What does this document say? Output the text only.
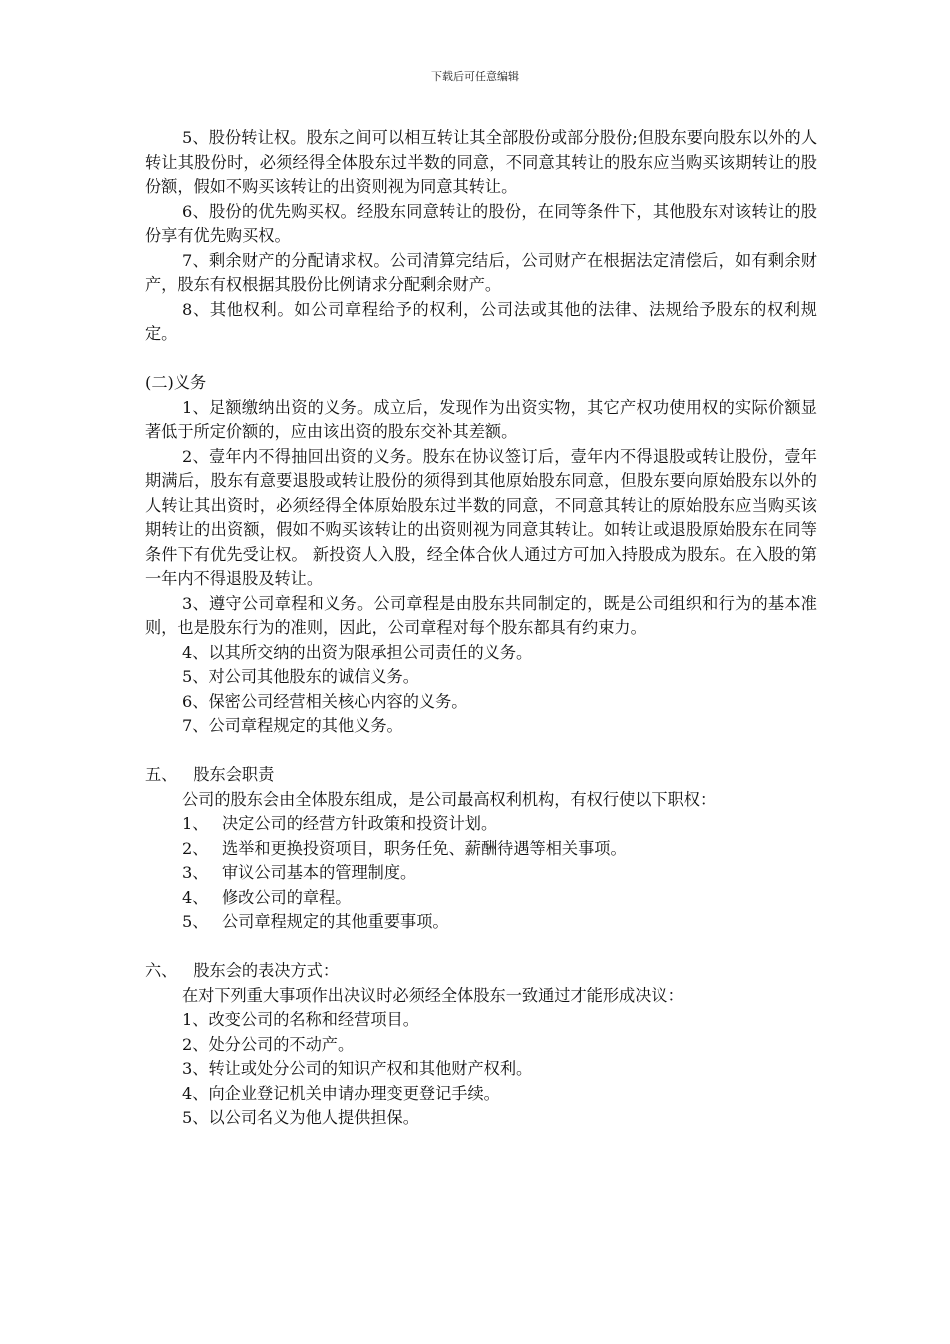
下载后可任意编辑

5、股份转让权。股东之间可以相互转让其全部股份或部分股份;但股东要向股东以外的人转让其股份时，必须经得全体股东过半数的同意，不同意其转让的股东应当购买该期转让的股份额，假如不购买该转让的出资则视为同意其转让。

6、股份的优先购买权。经股东同意转让的股份，在同等条件下，其他股东对该转让的股份享有优先购买权。

7、剩余财产的分配请求权。公司清算完结后，公司财产在根据法定清偿后，如有剩余财产，股东有权根据其股份比例请求分配剩余财产。

8、其他权利。如公司章程给予的权利，公司法或其他的法律、法规给予股东的权利规定。

(二)义务

1、足额缴纳出资的义务。成立后，发现作为出资实物，其它产权功使用权的实际价额显著低于所定价额的，应由该出资的股东交补其差额。

2、壹年内不得抽回出资的义务。股东在协议签订后，壹年内不得退股或转让股份，壹年期满后，股东有意要退股或转让股份的须得到其他原始股东同意，但股东要向原始股东以外的人转让其出资时，必须经得全体原始股东过半数的同意，不同意其转让的原始股东应当购买该期转让的出资额，假如不购买该转让的出资则视为同意其转让。如转让或退股原始股东在同等条件下有优先受让权。 新投资人入股，经全体合伙人通过方可加入持股成为股东。在入股的第一年内不得退股及转让。

3、遵守公司章程和义务。公司章程是由股东共同制定的，既是公司组织和行为的基本准则，也是股东行为的准则，因此，公司章程对每个股东都具有约束力。

4、以其所交纳的出资为限承担公司责任的义务。

5、对公司其他股东的诚信义务。

6、保密公司经营相关核心内容的义务。

7、公司章程规定的其他义务。

五、 股东会职责

公司的股东会由全体股东组成，是公司最高权利机构，有权行使以下职权：

1、 决定公司的经营方针政策和投资计划。

2、 选举和更换投资项目，职务任免、薪酬待遇等相关事项。

3、 审议公司基本的管理制度。

4、 修改公司的章程。

5、 公司章程规定的其他重要事项。

六、 股东会的表决方式：

在对下列重大事项作出决议时必须经全体股东一致通过才能形成决议：

1、改变公司的名称和经营项目。

2、处分公司的不动产。

3、转让或处分公司的知识产权和其他财产权利。

4、向企业登记机关申请办理变更登记手续。

5、以公司名义为他人提供担保。
